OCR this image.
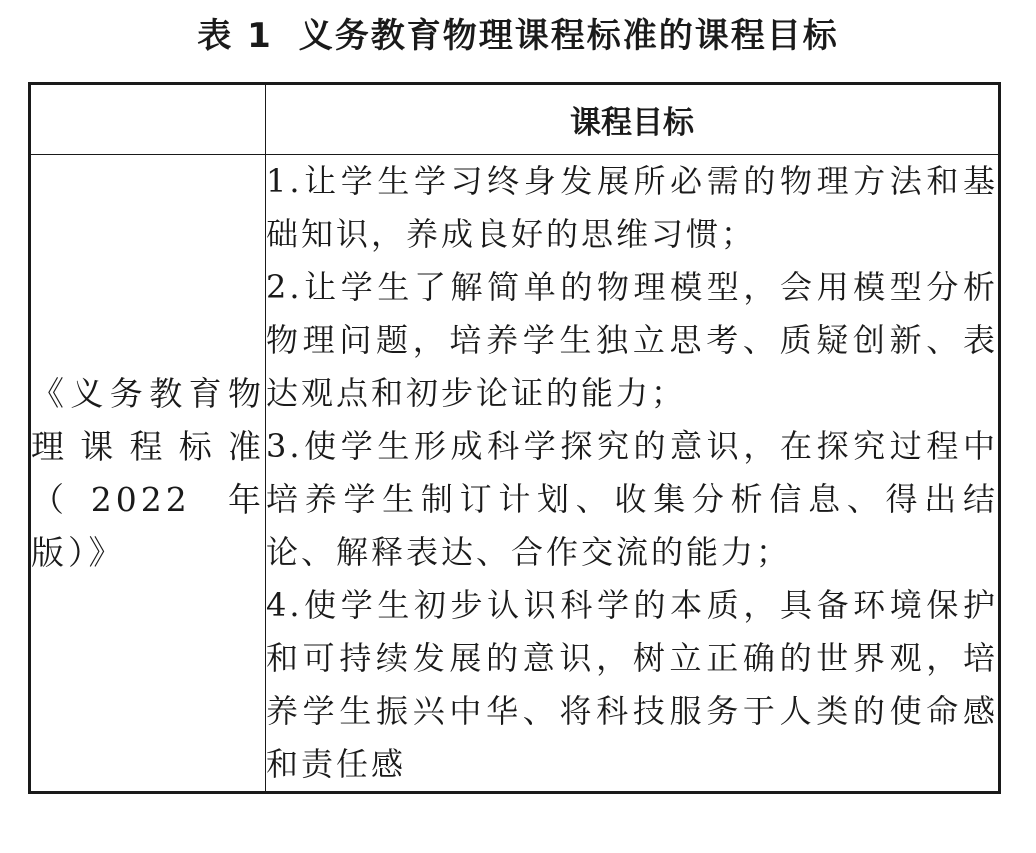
表 1 义务教育物理课程标准的课程目标
	课程目标
《义务教育物理课程标准（2022 年版）》	1.让学生学习终身发展所必需的物理方法和基础知识，养成良好的思维习惯；

2.让学生了解简单的物理模型，会用模型分析物理问题，培养学生独立思考、质疑创新、表达观点和初步论证的能力；

3.使学生形成科学探究的意识，在探究过程中培养学生制订计划、收集分析信息、得出结论、解释表达、合作交流的能力；

4.使学生初步认识科学的本质，具备环境保护和可持续发展的意识，树立正确的世界观，培养学生振兴中华、将科技服务于人类的使命感和责任感
